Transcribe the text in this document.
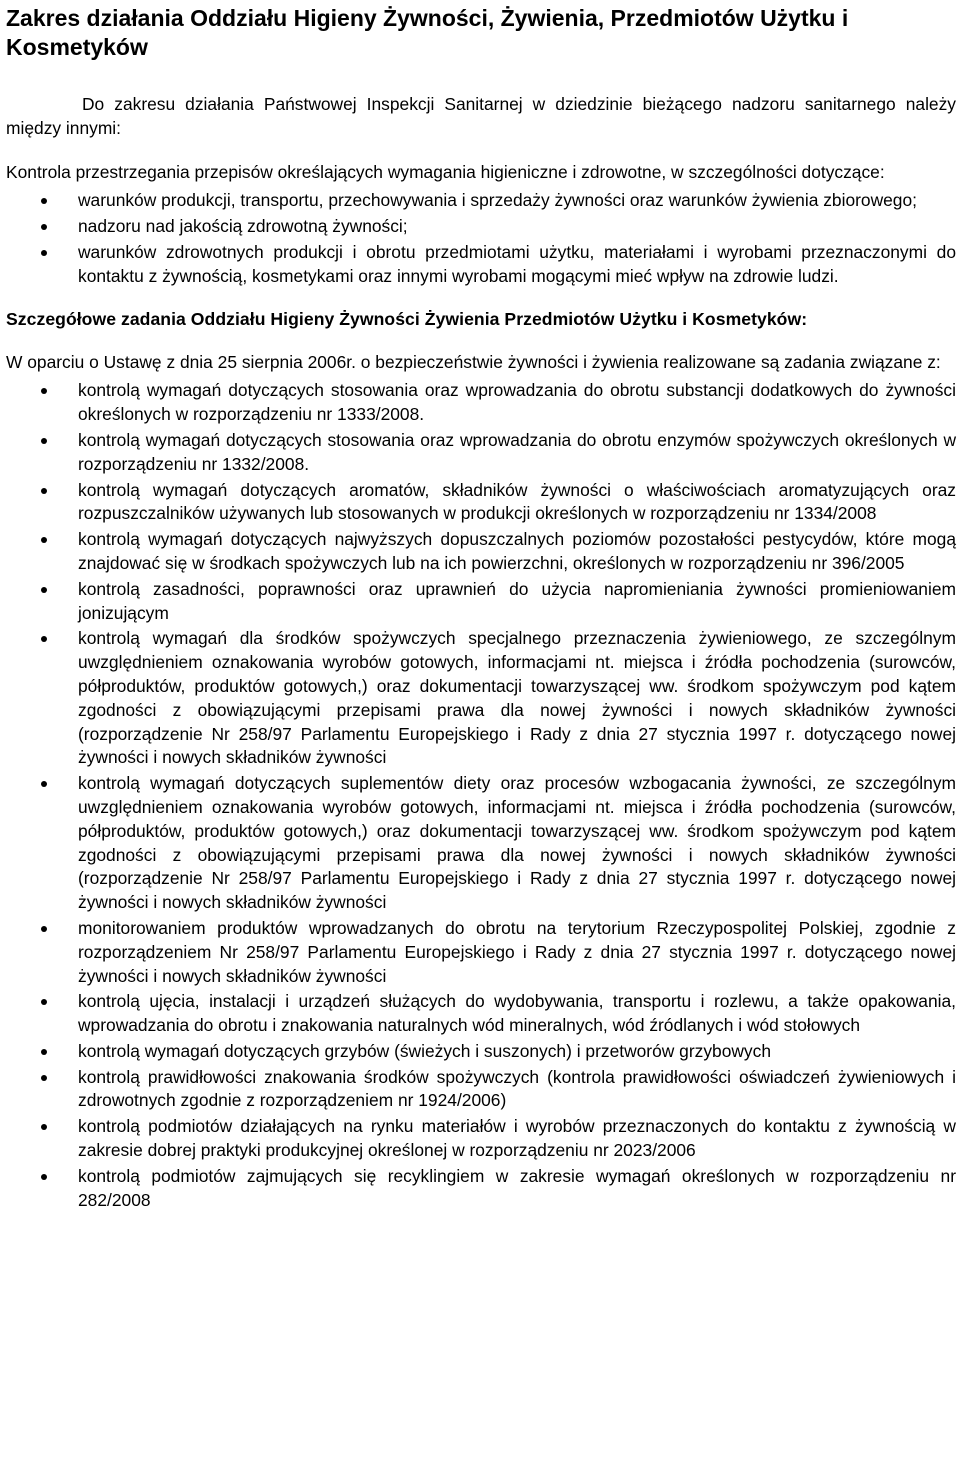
Zakres działania Oddziału Higieny Żywności, Żywienia, Przedmiotów Użytku i Kosmetyków

Do zakresu działania Państwowej Inspekcji Sanitarnej w dziedzinie bieżącego nadzoru sanitarnego należy między innymi:

Kontrola przestrzegania przepisów określających wymagania higieniczne i zdrowotne, w szczególności dotyczące:

warunków produkcji, transportu, przechowywania i sprzedaży żywności oraz warunków żywienia zbiorowego;
nadzoru nad jakością zdrowotną żywności;
warunków zdrowotnych produkcji i obrotu przedmiotami użytku, materiałami i wyrobami przeznaczonymi do kontaktu z żywnością, kosmetykami oraz innymi wyrobami mogącymi mieć wpływ na zdrowie ludzi.

Szczegółowe zadania Oddziału Higieny Żywności Żywienia Przedmiotów Użytku i Kosmetyków:

W oparciu o Ustawę z dnia 25 sierpnia 2006r. o bezpieczeństwie żywności i żywienia realizowane są zadania związane z:

kontrolą wymagań dotyczących stosowania oraz wprowadzania do obrotu substancji dodatkowych do żywności określonych w rozporządzeniu nr 1333/2008.
kontrolą wymagań dotyczących stosowania oraz wprowadzania do obrotu enzymów spożywczych określonych w rozporządzeniu nr 1332/2008.
kontrolą wymagań dotyczących aromatów, składników żywności o właściwościach aromatyzujących oraz rozpuszczalników używanych lub stosowanych w produkcji określonych w rozporządzeniu nr 1334/2008
kontrolą wymagań dotyczących najwyższych dopuszczalnych poziomów pozostałości pestycydów, które mogą znajdować się w środkach spożywczych lub na ich powierzchni, określonych w rozporządzeniu nr 396/2005
kontrolą zasadności, poprawności oraz uprawnień do użycia napromieniania żywności promieniowaniem jonizującym
kontrolą wymagań dla środków spożywczych specjalnego przeznaczenia żywieniowego, ze szczególnym uwzględnieniem oznakowania wyrobów gotowych, informacjami nt. miejsca i źródła pochodzenia (surowców, półproduktów, produktów gotowych,) oraz dokumentacji towarzyszącej ww. środkom spożywczym pod kątem zgodności z obowiązującymi przepisami prawa dla nowej żywności i nowych składników żywności (rozporządzenie Nr 258/97 Parlamentu Europejskiego i Rady z dnia 27 stycznia 1997 r. dotyczącego nowej żywności i nowych składników żywności
kontrolą wymagań dotyczących suplementów diety oraz procesów wzbogacania żywności, ze szczególnym uwzględnieniem oznakowania wyrobów gotowych, informacjami nt. miejsca i źródła pochodzenia (surowców, półproduktów, produktów gotowych,) oraz dokumentacji towarzyszącej ww. środkom spożywczym pod kątem zgodności z obowiązującymi przepisami prawa dla nowej żywności i nowych składników żywności (rozporządzenie Nr 258/97 Parlamentu Europejskiego i Rady z dnia 27 stycznia 1997 r. dotyczącego nowej żywności i nowych składników żywności
monitorowaniem produktów wprowadzanych do obrotu na terytorium Rzeczypospolitej Polskiej, zgodnie z rozporządzeniem Nr 258/97 Parlamentu Europejskiego i Rady z dnia 27 stycznia 1997 r. dotyczącego nowej żywności i nowych składników żywności
kontrolą ujęcia, instalacji i urządzeń służących do wydobywania, transportu i rozlewu, a także opakowania, wprowadzania do obrotu i znakowania naturalnych wód mineralnych, wód źródlanych i wód stołowych
kontrolą wymagań dotyczących grzybów (świeżych i suszonych) i przetworów grzybowych
kontrolą prawidłowości znakowania środków spożywczych (kontrola prawidłowości oświadczeń żywieniowych i zdrowotnych zgodnie z rozporządzeniem nr 1924/2006)
kontrolą podmiotów działających na rynku materiałów i wyrobów przeznaczonych do kontaktu z żywnością w zakresie dobrej praktyki produkcyjnej określonej w rozporządzeniu nr 2023/2006
kontrolą podmiotów zajmujących się recyklingiem w zakresie wymagań określonych w rozporządzeniu nr 282/2008
